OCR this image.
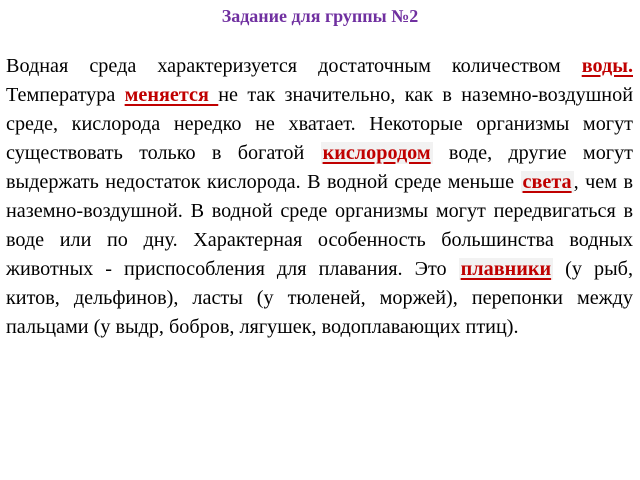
Задание для группы №2

Водная среда характеризуется достаточным количеством воды. Температура меняется не так значительно, как в наземно-воздушной среде, кислорода нередко не хватает. Некоторые организмы могут существовать только в богатой кислородом воде, другие могут выдержать недостаток кислорода. В водной среде меньше света, чем в наземно-воздушной. В водной среде организмы могут передвигаться в воде или по дну. Характерная особенность большинства водных животных - приспособления для плавания. Это плавники (у рыб, китов, дельфинов), ласты (у тюленей, моржей), перепонки между пальцами (у выдр, бобров, лягушек, водоплавающих птиц).
